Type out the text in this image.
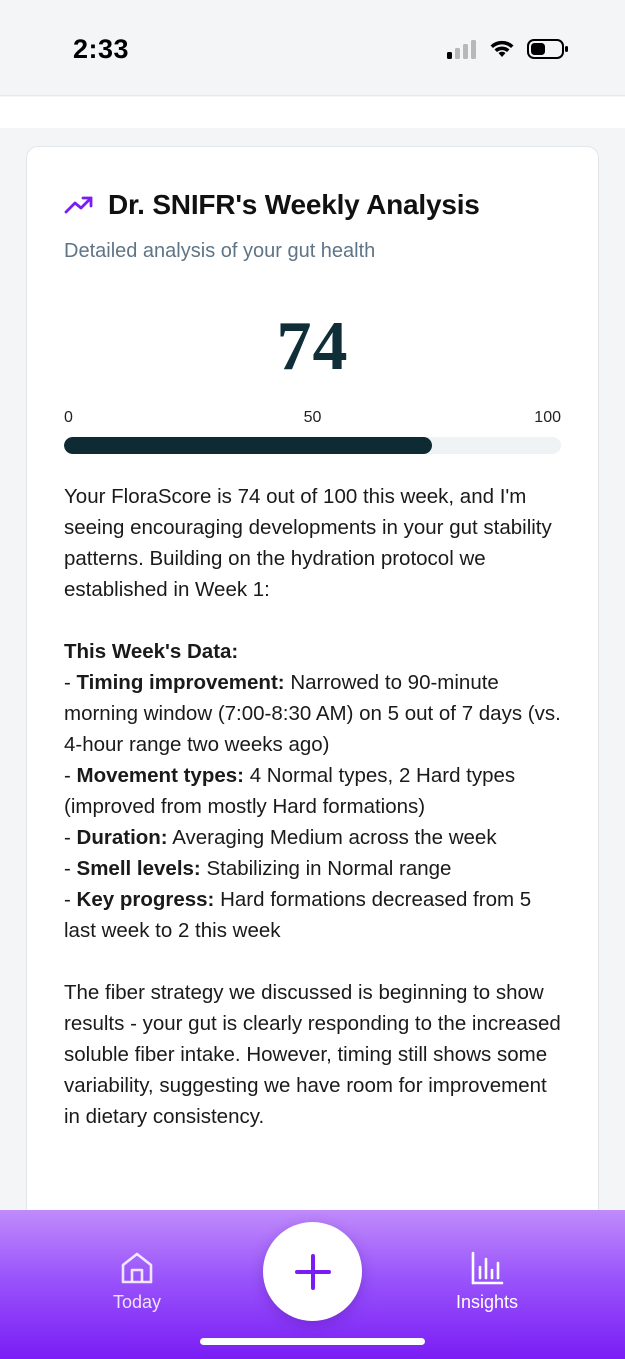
2:33
Dr. SNIFR's Weekly Analysis
Detailed analysis of your gut health
74
0	50	100

Your FloraScore is 74 out of 100 this week, and I'm seeing encouraging developments in your gut stability patterns. Building on the hydration protocol we established in Week 1:

This Week's Data:

- Timing improvement: Narrowed to 90-minute morning window (7:00-8:30 AM) on 5 out of 7 days (vs. 4-hour range two weeks ago)

- Movement types: 4 Normal types, 2 Hard types (improved from mostly Hard formations)

- Duration: Averaging Medium across the week

- Smell levels: Stabilizing in Normal range

- Key progress: Hard formations decreased from 5 last week to 2 this week

The fiber strategy we discussed is beginning to show results - your gut is clearly responding to the increased soluble fiber intake. However, timing still shows some variability, suggesting we have room for improvement in dietary consistency.

Today	Insights
